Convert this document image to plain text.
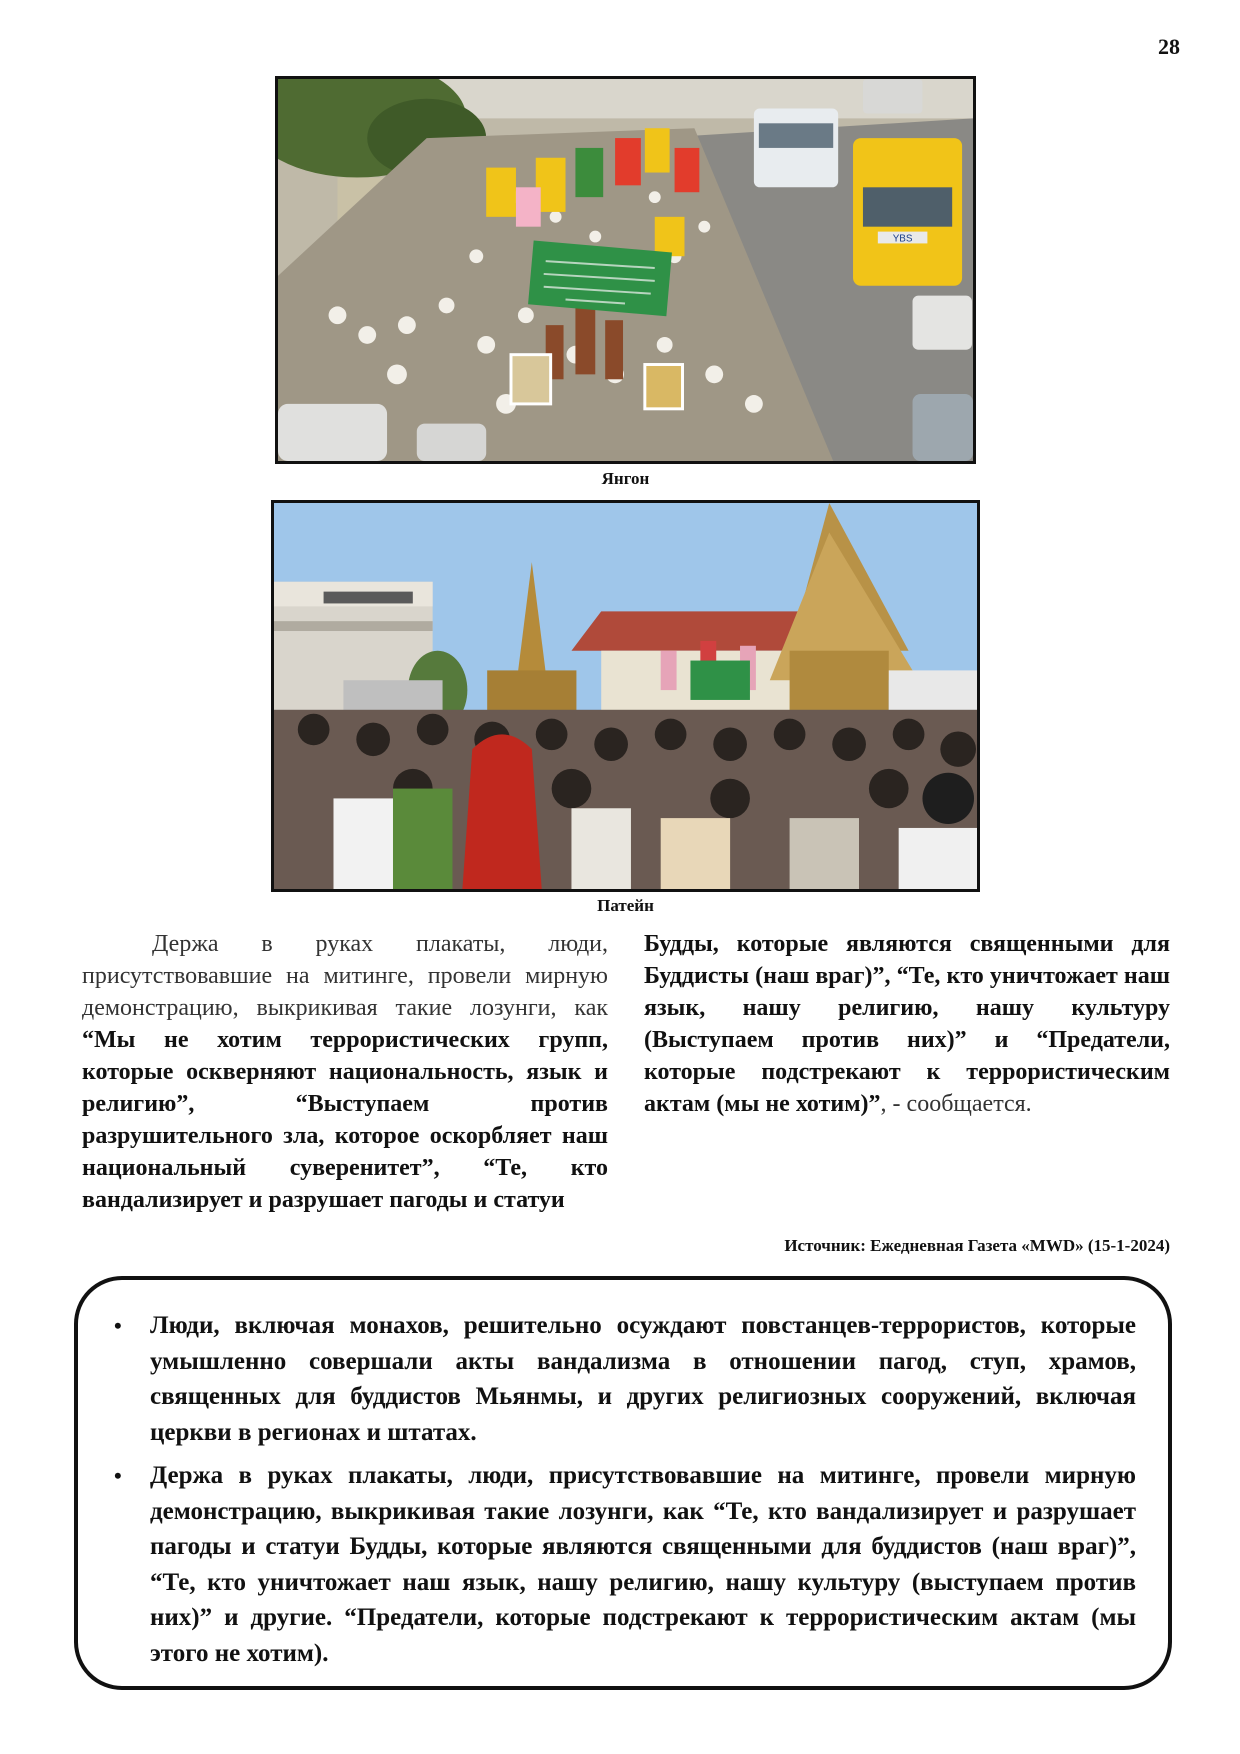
28
YBS
Янгон
Патейн
Держа в руках плакаты, люди, присутствовавшие на митинге, провели мирную демонстрацию, выкрикивая такие лозунги, как “Мы не хотим террористических групп, которые оскверняют национальность, язык и религию”, “Выступаем против разрушительного зла, которое оскорбляет наш национальный суверенитет”, “Те, кто вандализирует и разрушает пагоды и статуи
Будды, которые являются священными для Буддисты (наш враг)”, “Те, кто уничтожает наш язык, нашу религию, нашу культуру (Выступаем против них)” и “Предатели, которые подстрекают к террористическим актам (мы не хотим)”, - сообщается.
Источник: Ежедневная Газета «MWD» (15-1-2024)
• Люди, включая монахов, решительно осуждают повстанцев-террористов, которые умышленно совершали акты вандализма в отношении пагод, ступ, храмов, священных для буддистов Мьянмы, и других религиозных сооружений, включая церкви в регионах и штатах.
• Держа в руках плакаты, люди, присутствовавшие на митинге, провели мирную демонстрацию, выкрикивая такие лозунги, как “Те, кто вандализирует и разрушает пагоды и статуи Будды, которые являются священными для буддистов (наш враг)”, “Те, кто уничтожает наш язык, нашу религию, нашу культуру (выступаем против них)” и другие. “Предатели, которые подстрекают к террористическим актам (мы этого не хотим).
